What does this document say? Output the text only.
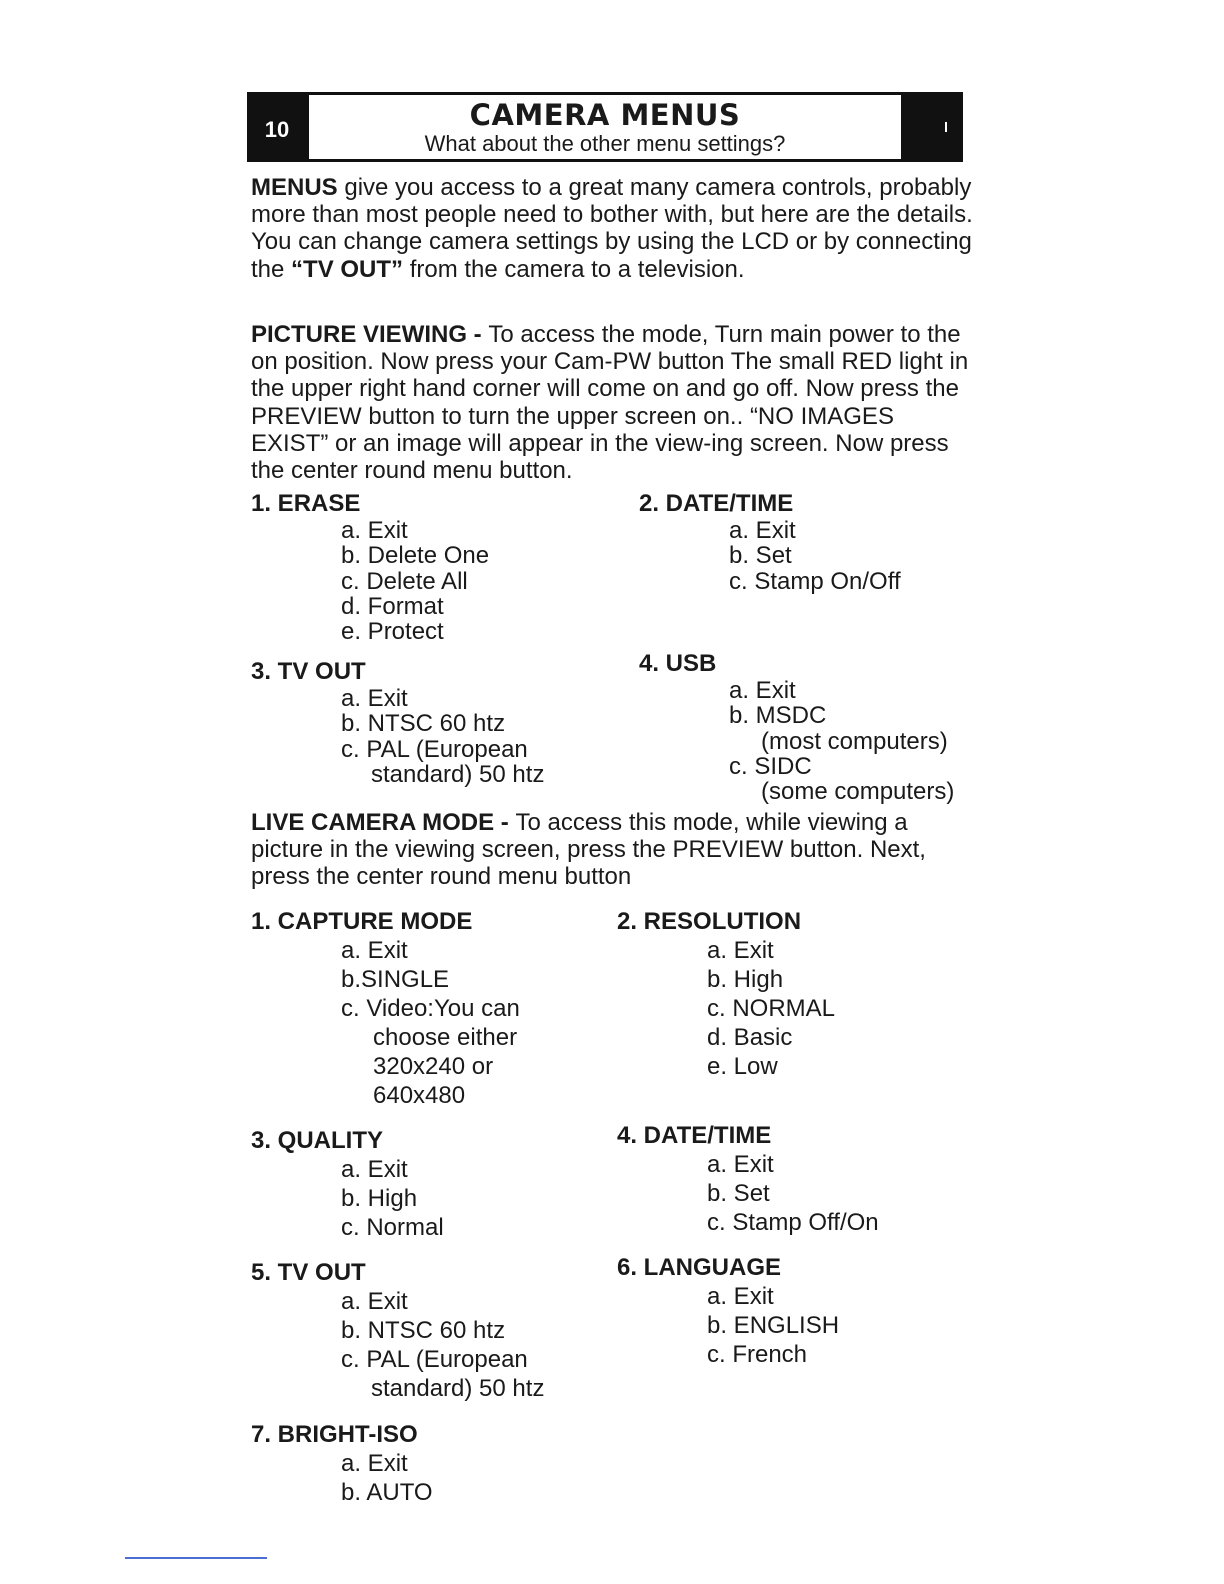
10	CAMERA MENUS
What about the other menu settings?

MENUS give you access to a great many camera controls, probably more than most people need to bother with, but here are the details. You can change camera settings by using the LCD or by connecting the “TV OUT” from the camera to a television.

PICTURE VIEWING - To access the mode, Turn main power to the on position. Now press your Cam-PW button The small RED light in the upper right hand corner will come on and go off. Now press the PREVIEW button to turn the upper screen on.. “NO IMAGES EXIST” or an image will appear in the view-ing screen. Now press the center round menu button.

1. ERASE
a. Exit
b. Delete One
c. Delete All
d. Format
e. Protect
2. DATE/TIME
a. Exit
b. Set
c. Stamp On/Off
3. TV OUT
a. Exit
b. NTSC 60 htz
c. PAL (European
standard) 50 htz
4. USB
a. Exit
b. MSDC
(most computers)
c. SIDC
(some computers)

LIVE CAMERA MODE - To access this mode, while viewing a picture in the viewing screen, press the PREVIEW button. Next, press the center round menu button

1. CAPTURE MODE
a. Exit
b.SINGLE
c. Video:You can
choose either
320x240 or
640x480
2. RESOLUTION
a. Exit
b. High
c. NORMAL
d. Basic
e. Low
3. QUALITY
a. Exit
b. High
c. Normal
4. DATE/TIME
a. Exit
b. Set
c. Stamp Off/On
5. TV OUT
a. Exit
b. NTSC 60 htz
c. PAL (European
standard) 50 htz
6. LANGUAGE
a. Exit
b. ENGLISH
c. French
7. BRIGHT-ISO
a. Exit
b. AUTO
